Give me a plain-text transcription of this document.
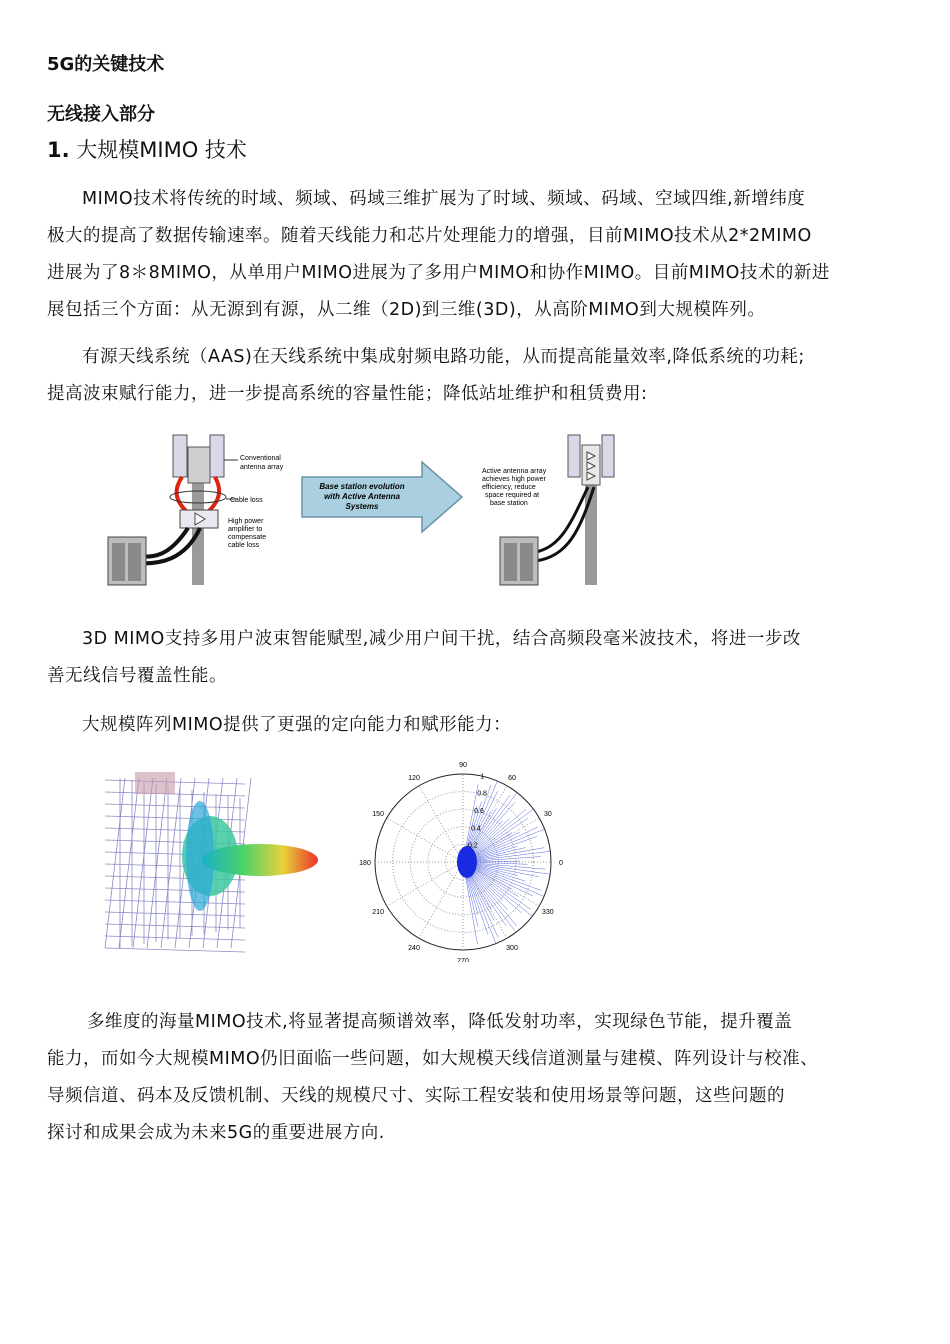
5G的关键技术
无线接入部分
1. 大规模MIMO 技术
MIMO技术将传统的时域、频域、码域三维扩展为了时域、频域、码域、空域四维,新增纬度
极大的提高了数据传输速率。随着天线能力和芯片处理能力的增强，目前MIMO技术从2*2MIMO
进展为了8＊8MIMO，从单用户MIMO进展为了多用户MIMO和协作MIMO。目前MIMO技术的新进
展包括三个方面：从无源到有源，从二维（2D)到三维(3D)，从高阶MIMO到大规模阵列。
有源天线系统（AAS)在天线系统中集成射频电路功能，从而提高能量效率,降低系统的功耗;
提高波束赋行能力，进一步提高系统的容量性能；降低站址维护和租赁费用:
Conventional
antenna array
Cable loss
High power
amplifier to
compensate
cable loss
Base station evolution
with Active Antenna
Systems
Active antenna array
achieves high power
efficiency, reduce
space required at
base station
3D MIMO支持多用户波束智能赋型,减少用户间干扰，结合高频段毫米波技术，将进一步改
善无线信号覆盖性能。
大规模阵列MIMO提供了更强的定向能力和赋形能力：
90
60
30
0
330
300
270
240
210
180
150
120	1
0.8
0.6
0.4
0.2
多维度的海量MIMO技术,将显著提高频谱效率，降低发射功率，实现绿色节能，提升覆盖
能力，而如今大规模MIMO仍旧面临一些问题，如大规模天线信道测量与建模、阵列设计与校准、
导频信道、码本及反馈机制、天线的规模尺寸、实际工程安装和使用场景等问题，这些问题的
探讨和成果会成为未来5G的重要进展方向.
